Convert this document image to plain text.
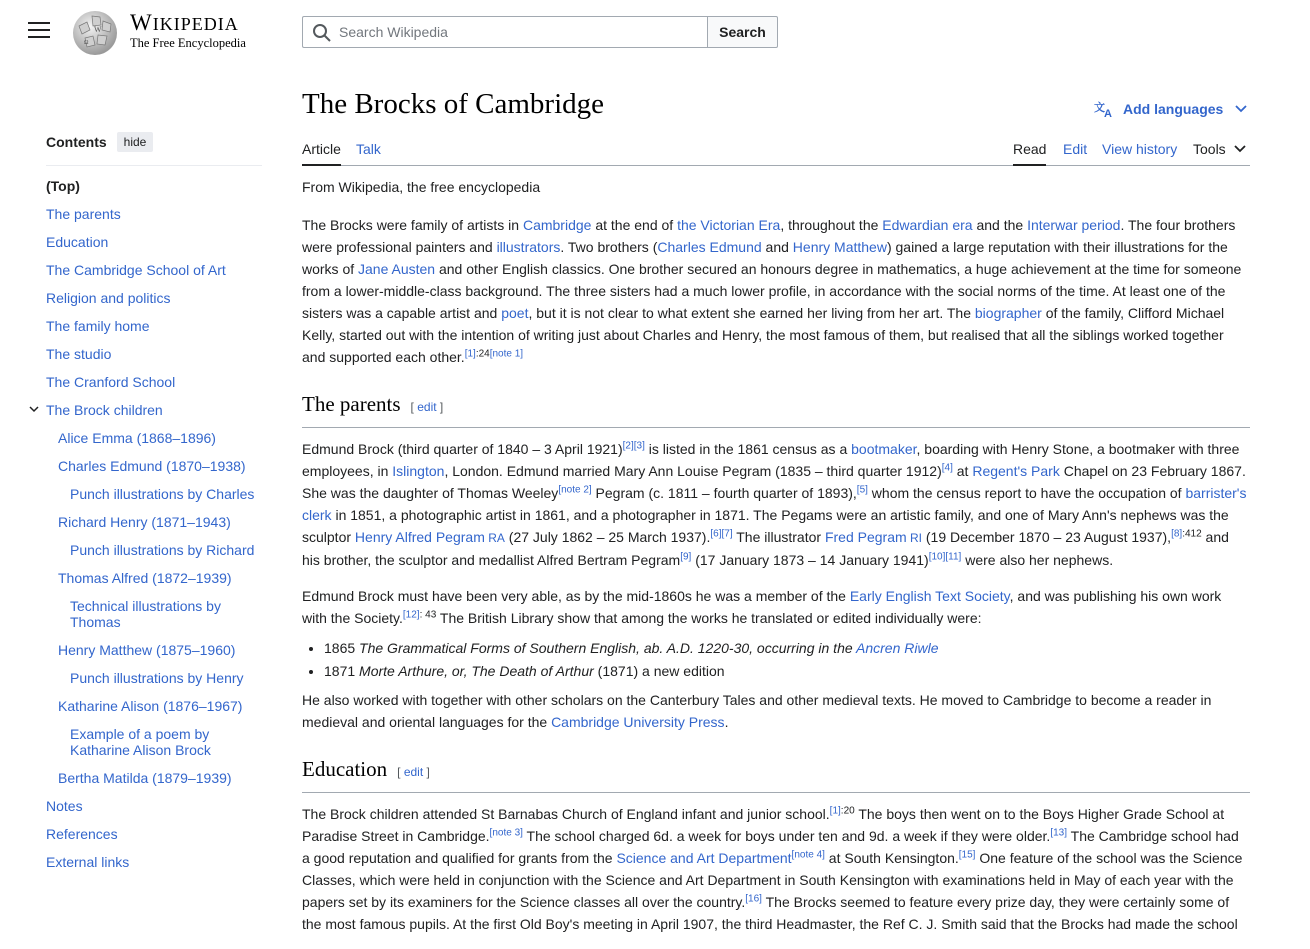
W
Ω
WIKIPEDIA
The Free Encyclopedia
Search Wikipedia
Search
Contents	hide
(Top)
The parents
Education
The Cambridge School of Art
Religion and politics
The family home
The studio
The Cranford School
The Brock children
Alice Emma (1868–1896)
Charles Edmund (1870–1938)
Punch illustrations by Charles
Richard Henry (1871–1943)
Punch illustrations by Richard
Thomas Alfred (1872–1939)
Technical illustrations by Thomas
Henry Matthew (1875–1960)
Punch illustrations by Henry
Katharine Alison (1876–1967)
Example of a poem by Katharine Alison Brock
Bertha Matilda (1879–1939)
Notes
References
External links
The Brocks of Cambridge	文 A Add languages
Article Talk	Read Edit View history Tools

From Wikipedia, the free encyclopedia

The Brocks were family of artists in Cambridge at the end of the Victorian Era, throughout the Edwardian era and the Interwar period. The four brothers were professional painters and illustrators. Two brothers (Charles Edmund and Henry Matthew) gained a large reputation with their illustrations for the works of Jane Austen and other English classics. One brother secured an honours degree in mathematics, a huge achievement at the time for someone from a lower-middle-class background. The three sisters had a much lower profile, in accordance with the social norms of the time. At least one of the sisters was a capable artist and poet, but it is not clear to what extent she earned her living from her art. The biographer of the family, Clifford Michael Kelly, started out with the intention of writing just about Charles and Henry, the most famous of them, but realised that all the siblings worked together and supported each other.[1]:24[note 1]

The parents [ edit ]

Edmund Brock (third quarter of 1840 – 3 April 1921)[2][3] is listed in the 1861 census as a bootmaker, boarding with Henry Stone, a bootmaker with three employees, in Islington, London. Edmund married Mary Ann Louise Pegram (1835 – third quarter 1912)[4] at Regent's Park Chapel on 23 February 1867. She was the daughter of Thomas Weeley[note 2] Pegram (c. 1811 – fourth quarter of 1893),[5] whom the census report to have the occupation of barrister's clerk in 1851, a photographic artist in 1861, and a photographer in 1871. The Pegams were an artistic family, and one of Mary Ann's nephews was the sculptor Henry Alfred Pegram RA (27 July 1862 – 25 March 1937).[6][7] The illustrator Fred Pegram RI (19 December 1870 – 23 August 1937),$^{[8]:412}$ and his brother, the sculptor and medallist Alfred Bertram Pegram[9] (17 January 1873 – 14 January 1941)[10][11] were also her nephews.

Edmund Brock must have been very able, as by the mid-1860s he was a member of the Early English Text Society, and was publishing his own work with the Society.$^{[12]: 43}$ The British Library show that among the works he translated or edited individually were:

• 1865 The Grammatical Forms of Southern English, ab. A.D. 1220-30, occurring in the Ancren Riwle
• 1871 Morte Arthure, or, The Death of Arthur (1871) a new edition

He also worked with together with other scholars on the Canterbury Tales and other medieval texts. He moved to Cambridge to become a reader in medieval and oriental languages for the Cambridge University Press.

Education [ edit ]

The Brock children attended St Barnabas Church of England infant and junior school.$^{[1]:20}$ The boys then went on to the Boys Higher Grade School at Paradise Street in Cambridge.[note 3] The school charged 6d. a week for boys under ten and 9d. a week if they were older.[13] The Cambridge school had a good reputation and qualified for grants from the Science and Art Department[note 4] at South Kensington.[15] One feature of the school was the Science Classes, which were held in conjunction with the Science and Art Department in South Kensington with examinations held in May of each year with the papers set by its examiners for the Science classes all over the country.[16] The Brocks seemed to feature every prize day, they were certainly some of the most famous pupils. At the first Old Boy's meeting in April 1907, the third Headmaster, the Ref C. J. Smith said that the Brocks had made the school
